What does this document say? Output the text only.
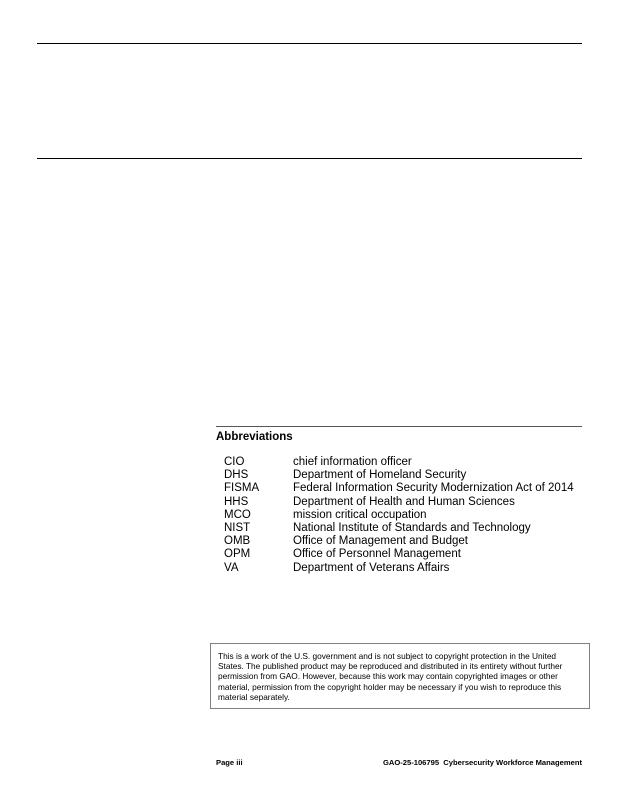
Abbreviations
CIO	chief information officer
DHS	Department of Homeland Security
FISMA	Federal Information Security Modernization Act of 2014
HHS	Department of Health and Human Sciences
MCO	mission critical occupation
NIST	National Institute of Standards and Technology
OMB	Office of Management and Budget
OPM	Office of Personnel Management
VA	Department of Veterans Affairs
This is a work of the U.S. government and is not subject to copyright protection in the United States. The published product may be reproduced and distributed in its entirety without further permission from GAO. However, because this work may contain copyrighted images or other material, permission from the copyright holder may be necessary if you wish to reproduce this material separately.
Page iii	GAO-25-106795  Cybersecurity Workforce Management
